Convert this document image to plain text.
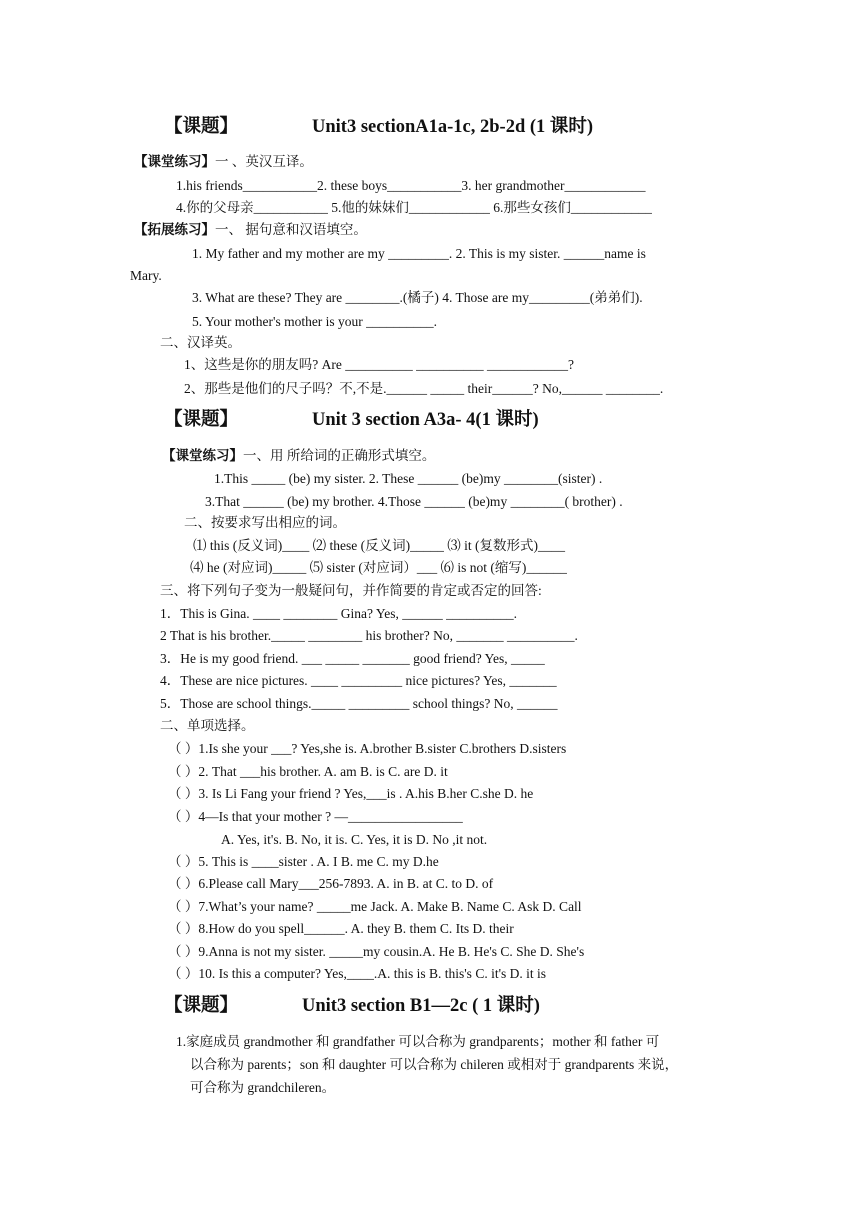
【课题】	Unit3 sectionA1a-1c, 2b-2d (1 课时)
【课堂练习】一 、英汉互译。
1.his friends___________2. these boys___________3. her grandmother____________
4.你的父母亲___________ 5.他的妹妹们____________ 6.那些女孩们____________
【拓展练习】一、 据句意和汉语填空。
1. My father and my mother are my _________. 2. This is my sister. ______name is
Mary.
3. What are these? They are ________.(橘子) 4. Those are my_________(弟弟们).
5. Your mother's mother is your __________.
二、汉译英。
1、这些是你的朋友吗? Are __________ __________ ____________?
2、那些是他们的尺子吗？不,不是.______ _____ their______? No,______ ________.
【课题】	Unit 3 section A3a- 4(1 课时)
【课堂练习】一、用 所给词的正确形式填空。
1.This _____ (be) my sister. 2. These ______ (be)my ________(sister) .
3.That ______ (be) my brother. 4.Those ______ (be)my ________( brother) .
二、按要求写出相应的词。
⑴ this (反义词)____ ⑵ these (反义词)_____ ⑶ it (复数形式)____
⑷ he (对应词)_____ ⑸ sister (对应词）___ ⑹ is not (缩写)______
三、将下列句子变为一般疑问句，并作简要的肯定或否定的回答:
1．This is Gina. ____ ________ Gina? Yes, ______ __________.
2 That is his brother._____ ________ his brother? No, _______ __________.
3．He is my good friend. ___ _____ _______ good friend? Yes, _____
4．These are nice pictures. ____ _________ nice pictures? Yes, _______
5．Those are school things._____ _________ school things? No, ______
二、单项选择。
（ ）1.Is she your ___? Yes,she is. A.brother B.sister C.brothers D.sisters
（ ）2. That ___his brother. A. am B. is C. are D. it
（ ）3. Is Li Fang your friend ? Yes,___is . A.his B.her C.she D. he
（ ）4—Is that your mother ? —_________________
A. Yes, it's. B. No, it is. C. Yes, it is D. No ,it not.
（ ）5. This is ____sister . A. I B. me C. my D.he
（ ）6.Please call Mary___256-7893. A. in B. at C. to D. of
（ ）7.What’s your name? _____me Jack. A. Make B. Name C. Ask D. Call
（ ）8.How do you spell______. A. they B. them C. Its D. their
（ ）9.Anna is not my sister. _____my cousin.A. He B. He's C. She D. She's
（ ）10. Is this a computer? Yes,____.A. this is B. this's C. it's D. it is
【课题】	Unit3 section B1—2c ( 1 课时)
1.家庭成员 grandmother 和 grandfather 可以合称为 grandparents；mother 和 father 可
以合称为 parents；son 和 daughter 可以合称为 chileren 或相对于 grandparents 来说，
可合称为 grandchileren。
